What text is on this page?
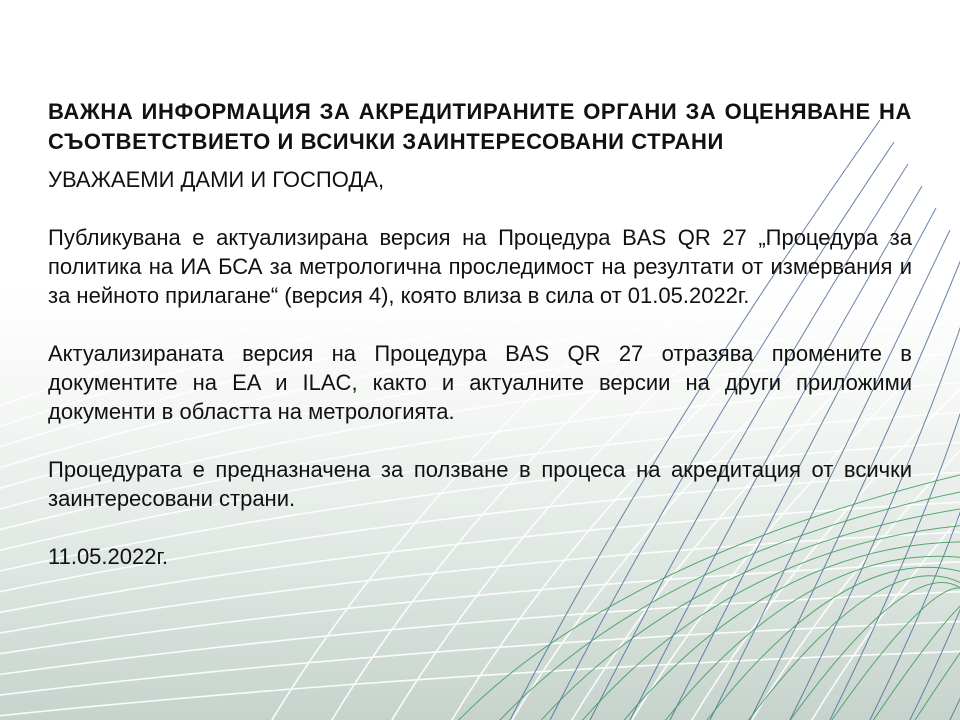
ВАЖНА ИНФОРМАЦИЯ ЗА АКРЕДИТИРАНИТЕ ОРГАНИ ЗА ОЦЕНЯВАНЕ НА СЪОТВЕТСТВИЕТО И ВСИЧКИ ЗАИНТЕРЕСОВАНИ СТРАНИ

УВАЖАЕМИ ДАМИ И ГОСПОДА,

Публикувана е актуализирана версия на Процедура BAS QR 27 „Процедура за политика на ИА БСА за метрологична проследимост на резултати от измервания и за нейното прилагане“ (версия 4), която влиза в сила от 01.05.2022г.

Актуализираната версия на Процедура BAS QR 27 отразява промените в документите на EA и ILAC, както и актуалните версии на други приложими документи в областта на метрологията.

Процедурата е предназначена за ползване в процеса на акредитация от всички заинтересовани страни.

11.05.2022г.
